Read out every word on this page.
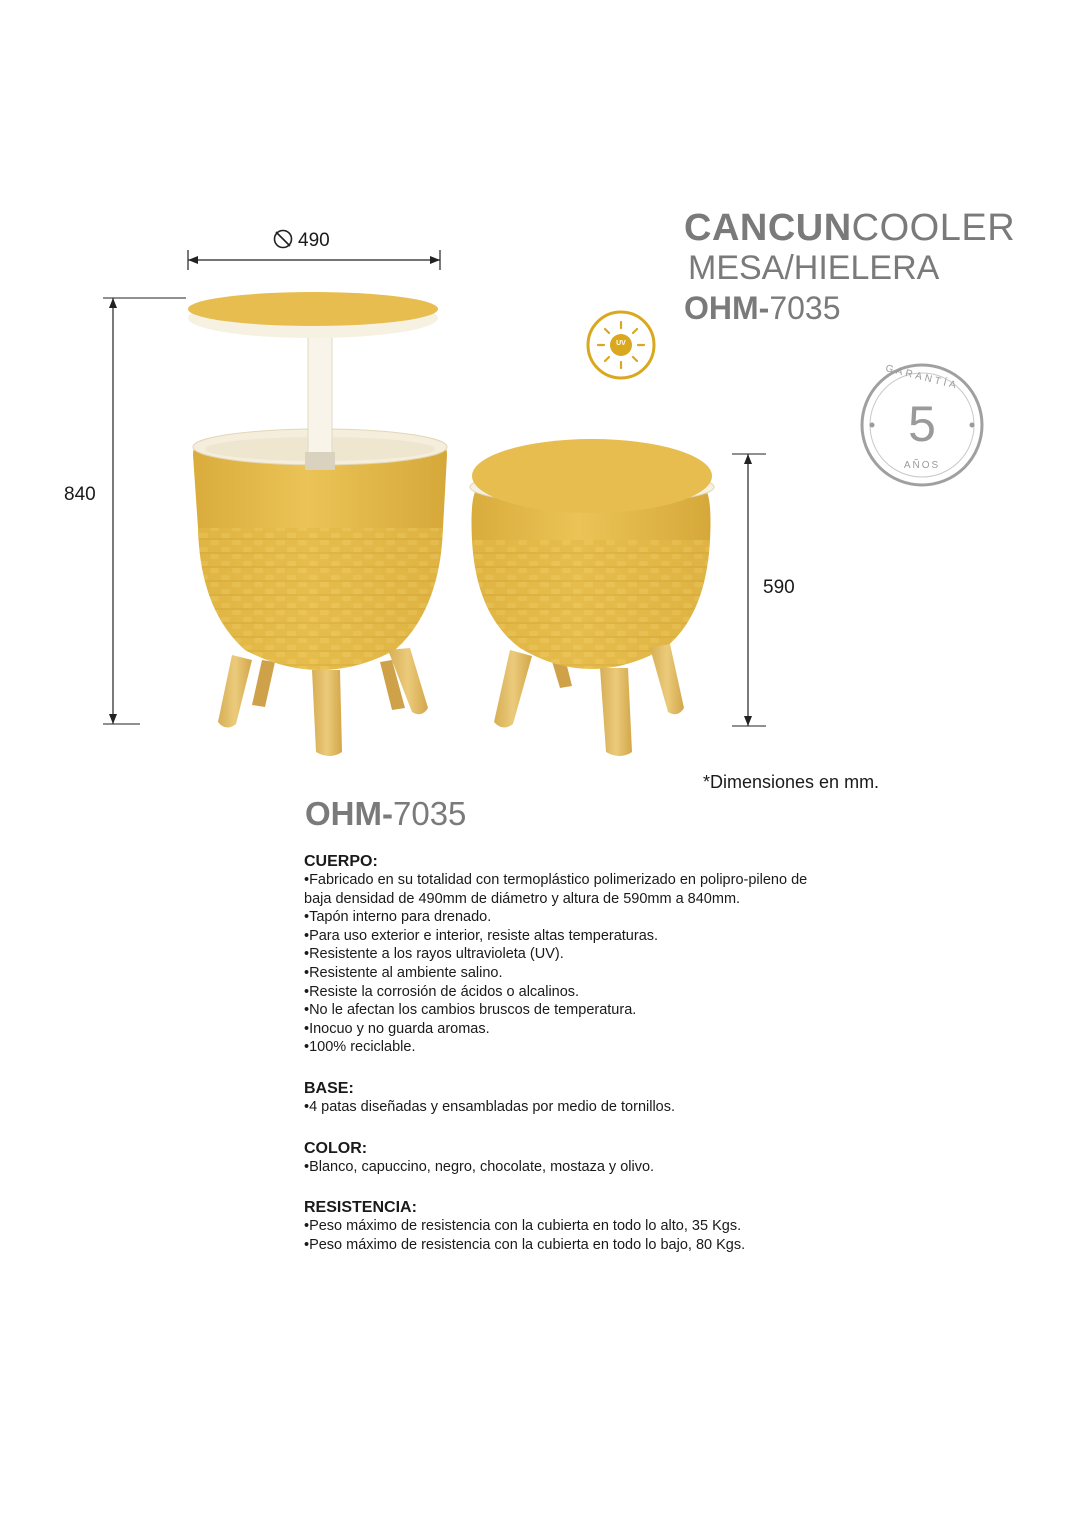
CANCUNCOOLER
MESA/HIELERA
OHM-7035
UV
GARANTÍA
5
AÑOS
490
840
590
*Dimensiones en mm.
OHM-7035
CUERPO:
•Fabricado en su totalidad con termoplástico polimerizado en polipro-pileno de baja densidad de 490mm de diámetro y altura de 590mm a 840mm.
•Tapón interno para drenado.
•Para uso exterior e interior, resiste altas temperaturas.
•Resistente a los rayos ultravioleta (UV).
•Resistente al ambiente salino.
•Resiste la corrosión de ácidos o alcalinos.
•No le afectan los cambios bruscos de temperatura.
•Inocuo y no guarda aromas.
•100% reciclable.
BASE:
•4 patas diseñadas y ensambladas por medio de tornillos.
COLOR:
•Blanco, capuccino, negro, chocolate, mostaza y olivo.
RESISTENCIA:
•Peso máximo de resistencia con la cubierta en todo lo alto, 35 Kgs.
•Peso máximo de resistencia con la cubierta en todo lo bajo, 80 Kgs.
